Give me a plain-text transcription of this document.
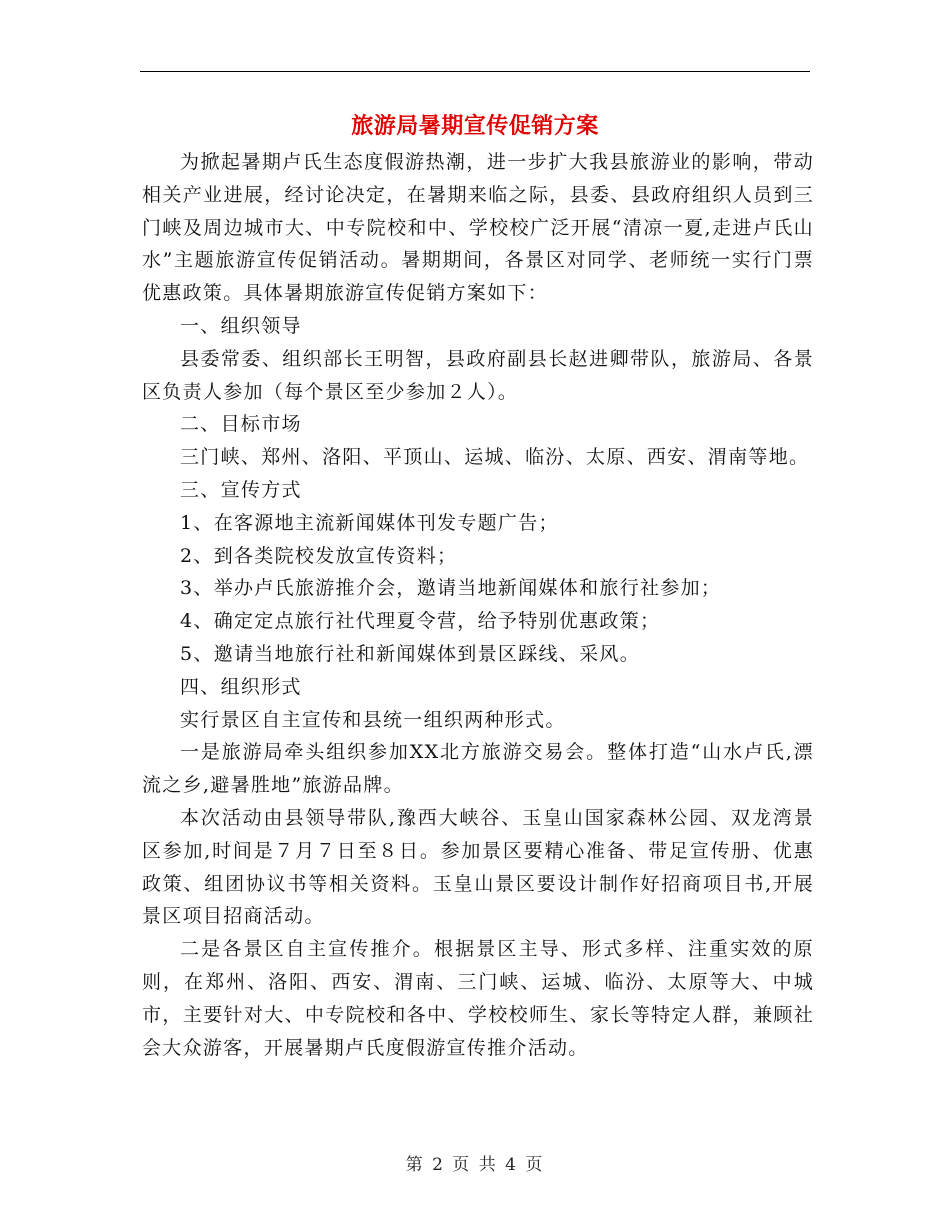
旅游局暑期宣传促销方案

为掀起暑期卢氏生态度假游热潮，进一步扩大我县旅游业的影响，带动相关产业进展，经讨论决定，在暑期来临之际，县委、县政府组织人员到三门峡及周边城市大、中专院校和中、学校校广泛开展“清凉一夏,走进卢氏山水”主题旅游宣传促销活动。暑期期间，各景区对同学、老师统一实行门票优惠政策。具体暑期旅游宣传促销方案如下：

一、组织领导

县委常委、组织部长王明智，县政府副县长赵进卿带队，旅游局、各景区负责人参加（每个景区至少参加２人）。

二、目标市场

三门峡、郑州、洛阳、平顶山、运城、临汾、太原、西安、渭南等地。

三、宣传方式

1、在客源地主流新闻媒体刊发专题广告；

2、到各类院校发放宣传资料；

3、举办卢氏旅游推介会，邀请当地新闻媒体和旅行社参加；

4、确定定点旅行社代理夏令营，给予特别优惠政策；

5、邀请当地旅行社和新闻媒体到景区踩线、采风。

四、组织形式

实行景区自主宣传和县统一组织两种形式。

一是旅游局牵头组织参加XX北方旅游交易会。整体打造“山水卢氏,漂流之乡,避暑胜地”旅游品牌。

本次活动由县领导带队,豫西大峡谷、玉皇山国家森林公园、双龙湾景区参加,时间是７月７日至８日。参加景区要精心准备、带足宣传册、优惠政策、组团协议书等相关资料。玉皇山景区要设计制作好招商项目书,开展景区项目招商活动。

二是各景区自主宣传推介。根据景区主导、形式多样、注重实效的原则，在郑州、洛阳、西安、渭南、三门峡、运城、临汾、太原等大、中城市，主要针对大、中专院校和各中、学校校师生、家长等特定人群，兼顾社会大众游客，开展暑期卢氏度假游宣传推介活动。

第 2 页 共 4 页
